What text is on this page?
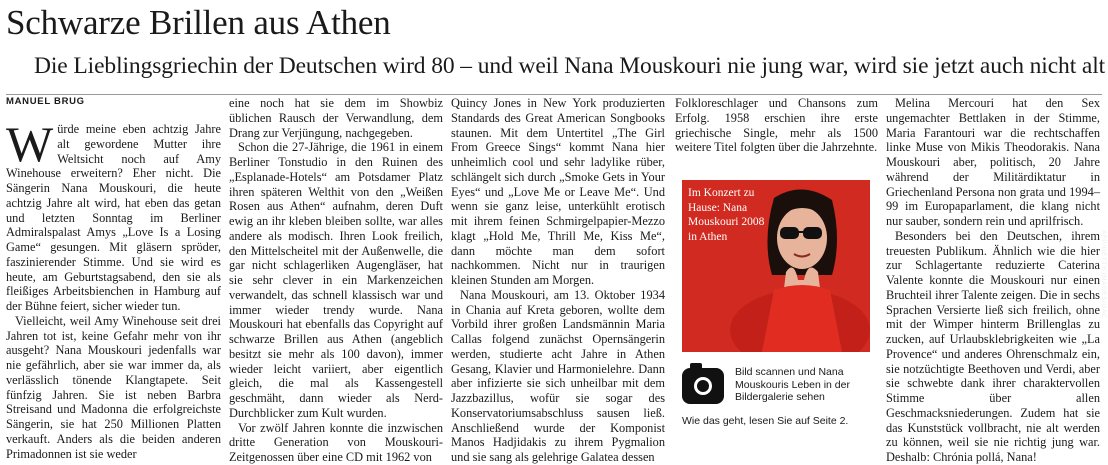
Schwarze Brillen aus Athen
Die Lieblingsgriechin der Deutschen wird 80 – und weil Nana Mouskouri nie jung war, wird sie jetzt auch nicht alt
MANUEL BRUG

Würde meine eben achtzig Jahre alt gewordene Mutter ihre Weltsicht noch auf Amy Winehouse erweitern? Eher nicht. Die Sängerin Nana Mouskouri, die heute achtzig Jahre alt wird, hat eben das getan und letzten Sonntag im Berliner Admiralspalast Amys „Love Is a Losing Game“ gesungen. Mit gläsern spröder, faszinierender Stimme. Und sie wird es heute, am Geburtstagsabend, den sie als fleißiges Arbeitsbienchen in Hamburg auf der Bühne feiert, sicher wieder tun.

Vielleicht, weil Amy Winehouse seit drei Jahren tot ist, keine Gefahr mehr von ihr ausgeht? Nana Mouskouri jedenfalls war nie gefährlich, aber sie war immer da, als verlässlich tönende Klangtapete. Seit fünfzig Jahren. Sie ist neben Barbra Streisand und Madonna die erfolgreichste Sängerin, sie hat 250 Millionen Platten verkauft. Anders als die beiden anderen Primadonnen ist sie weder

eine noch hat sie dem im Showbiz üblichen Rausch der Verwandlung, dem Drang zur Verjüngung, nachgegeben.

Schon die 27-Jährige, die 1961 in einem Berliner Tonstudio in den Ruinen des „Esplanade-Hotels“ am Potsdamer Platz ihren späteren Welthit von den „Weißen Rosen aus Athen“ aufnahm, deren Duft ewig an ihr kleben bleiben sollte, war alles andere als modisch. Ihren Look freilich, den Mittelscheitel mit der Außenwelle, die gar nicht schlagerliken Augengläser, hat sie sehr clever in ein Markenzeichen verwandelt, das schnell klassisch war und immer wieder trendy wurde. Nana Mouskouri hat ebenfalls das Copyright auf schwarze Brillen aus Athen (angeblich besitzt sie mehr als 100 davon), immer wieder leicht variiert, aber eigentlich gleich, die mal als Kassengestell geschmäht, dann wieder als Nerd-Durchblicker zum Kult wurden.

Vor zwölf Jahren konnte die inzwischen dritte Generation von Mouskouri-Zeitgenossen über eine CD mit 1962 von

Quincy Jones in New York produzierten Standards des Great American Songbooks staunen. Mit dem Untertitel „The Girl From Greece Sings“ kommt Nana hier unheimlich cool und sehr ladylike rüber, schlängelt sich durch „Smoke Gets in Your Eyes“ und „Love Me or Leave Me“. Und wenn sie ganz leise, unterkühlt erotisch mit ihrem feinen Schmirgelpapier-Mezzo klagt „Hold Me, Thrill Me, Kiss Me“, dann möchte man dem sofort nachkommen. Nicht nur in traurigen kleinen Stunden am Morgen.

Nana Mouskouri, am 13. Oktober 1934 in Chania auf Kreta geboren, wollte dem Vorbild ihrer großen Landsmännin Maria Callas folgend zunächst Opernsängerin werden, studierte acht Jahre in Athen Gesang, Klavier und Harmonielehre. Dann aber infizierte sie sich unheilbar mit dem Jazzbazillus, wofür sie sogar des Konservatoriumsabschluss sausen ließ. Anschließend wurde der Komponist Manos Hadjidakis zu ihrem Pygmalion und sie sang als gelehrige Galatea dessen

Folkloreschlager und Chansons zum Erfolg. 1958 erschien ihre erste griechische Single, mehr als 1500 weitere Titel folgten über die Jahrzehnte.

Im Konzert zu Hause: Nana Mouskouri 2008 in Athen	AFP/GETTY IMAGES/GAC
Bild scannen und Nana Mouskouris Leben in der Bildergalerie sehen
Wie das geht, lesen Sie auf Seite 2.

Melina Mercouri hat den Sex ungemachter Bettlaken in der Stimme, Maria Farantouri war die rechtschaffen linke Muse von Mikis Theodorakis. Nana Mouskouri aber, politisch, 20 Jahre während der Militärdiktatur in Griechenland Persona non grata und 1994–99 im Europaparlament, die klang nicht nur sauber, sondern rein und aprilfrisch.

Besonders bei den Deutschen, ihrem treuesten Publikum. Ähnlich wie die hier zur Schlagertante reduzierte Caterina Valente konnte die Mouskouri nur einen Bruchteil ihrer Talente zeigen. Die in sechs Sprachen Versierte ließ sich freilich, ohne mit der Wimper hinterm Brillenglas zu zucken, auf Urlaubsklebrigkeiten wie „La Provence“ und anderes Ohrenschmalz ein, sie notzüchtigte Beethoven und Verdi, aber sie schwebte dank ihrer charaktervollen Stimme über allen Geschmacksniederungen. Zudem hat sie das Kunststück vollbracht, nie alt werden zu können, weil sie nie richtig jung war. Deshalb: Chrónia pollá, Nana!
